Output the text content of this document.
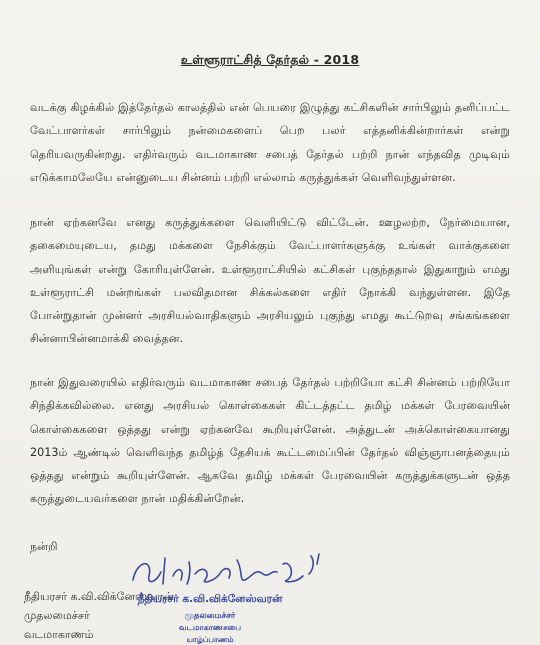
உள்ளூராட்சித் தேர்தல் - 2018

வடக்கு கிழக்கில் இத்தேர்தல் காலத்தில் என் பெயரை இழுத்து கட்சிகளின் சார்பிலும் தனிப்பட்ட வேட்பாளர்கள் சார்பிலும் நன்மைகளைப் பெற பலர் எத்தனிக்கின்றார்கள் என்று தெரியவருகின்றது. எதிர்வரும் வடமாகாண சபைத் தேர்தல் பற்றி நான் எந்தவித முடிவும் எடுக்காமலேயே என்னுடைய சின்னம் பற்றி எல்லாம் கருத்துக்கள் வெளிவந்துள்ளன.

நான் ஏற்கனவே எனது கருத்துக்களை வெளியிட்டு விட்டேன். ஊழலற்ற, நேர்மையான, தகைமையுடைய, தமது மக்களை நேசிக்கும் வேட்பாளர்களுக்கு உங்கள் வாக்குகளை அளியுங்கள் என்று கோரியுள்ளேன். உள்ளூராட்சியில் கட்சிகள் புகுந்ததால் இதுகாறும் எமது உள்ளூராட்சி மன்றங்கள் பலவிதமான சிக்கல்களை எதிர் நோக்கி வந்துள்ளன. இதே போன்றுதான் முன்னர் அரசியல்வாதிகளும் அரசியலும் புகுந்து எமது கூட்டுறவு சங்கங்களை சின்னாபின்னமாக்கி வைத்தன.

நான் இதுவரையில் எதிர்வரும் வடமாகாண சபைத் தேர்தல் பற்றியோ கட்சி சின்னம் பற்றியோ சிந்திக்கவில்லை. எனது அரசியல் கொள்கைகள் கிட்டத்தட்ட தமிழ் மக்கள் பேரவையின் கொள்கைகளை ஒத்தது என்று ஏற்கனவே கூறியுள்ளேன். அத்துடன் அக்கொள்கையானது 2013ம் ஆண்டில் வெளிவந்த தமிழ்த் தேசியக் கூட்டமைப்பின் தேர்தல் விஞ்ஞாபனத்தையும் ஒத்தது என்றும் கூறியுள்ளேன். ஆகவே தமிழ் மக்கள் பேரவையின் கருத்துக்களுடன் ஒத்த கருத்துடையவர்களை நான் மதிக்கின்றேன்.

நன்றி
நீதியரசர் க.வி.விக்னேஸ்வரன்
முதலமைச்சர்
வடமாகாணம்
நீதியரசர் க.வி.விக்னேஸ்வரன்
முதலமைச்சர்
வடமாகாணசபை
யாழ்ப்பாணம்
